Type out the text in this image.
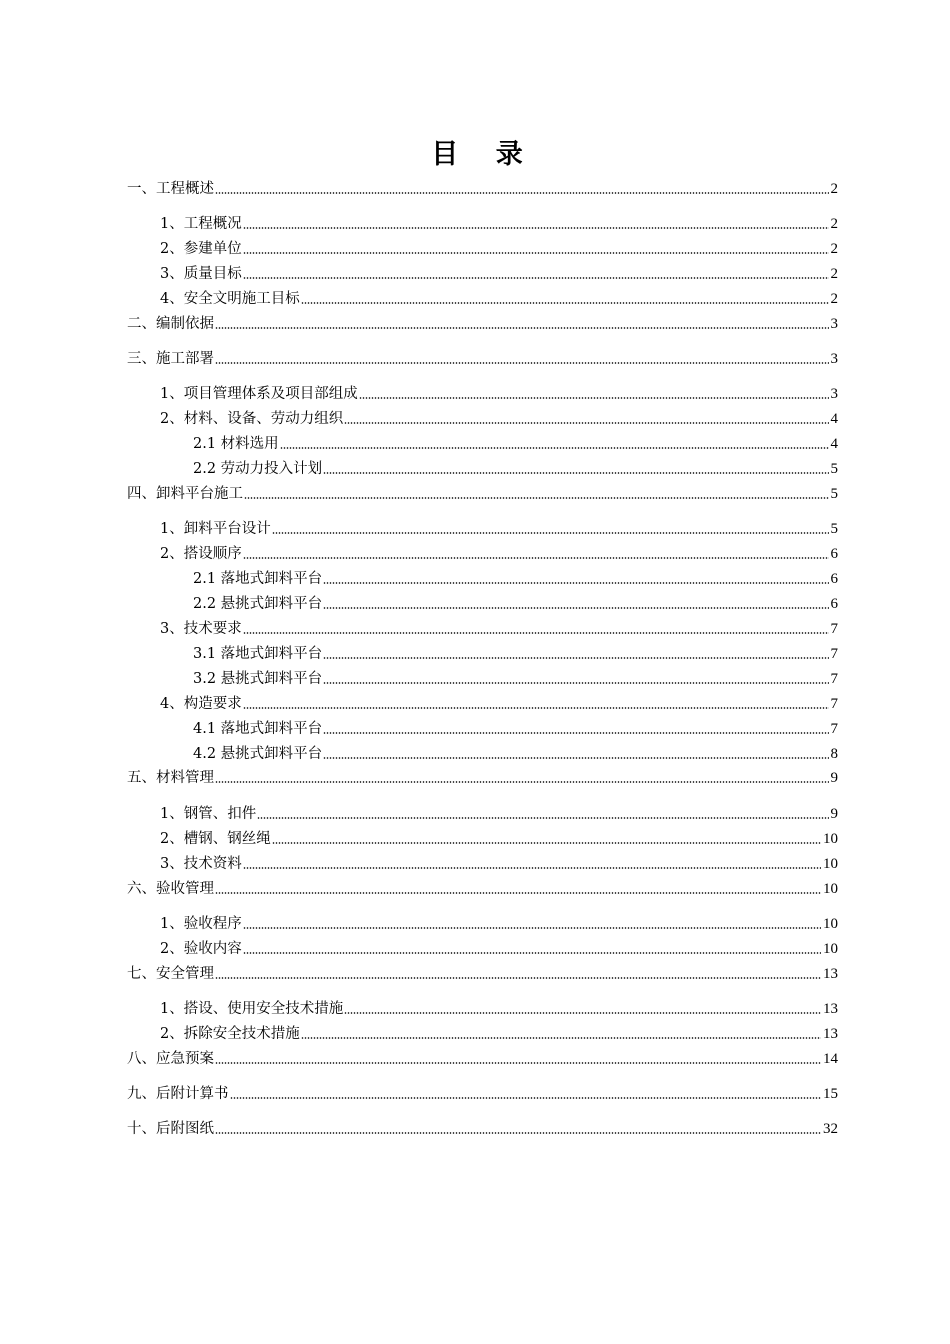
目 录
一、工程概述	2
1、工程概况	2
2、参建单位	2
3、质量目标	2
4、安全文明施工目标	2
二、编制依据	3
三、施工部署	3
1、项目管理体系及项目部组成	3
2、材料、设备、劳动力组织	4
2.1 材料选用	4
2.2 劳动力投入计划	5
四、卸料平台施工	5
1、卸料平台设计	5
2、搭设顺序	6
2.1 落地式卸料平台	6
2.2 悬挑式卸料平台	6
3、技术要求	7
3.1 落地式卸料平台	7
3.2 悬挑式卸料平台	7
4、构造要求	7
4.1 落地式卸料平台	7
4.2 悬挑式卸料平台	8
五、材料管理	9
1、钢管、扣件	9
2、槽钢、钢丝绳	10
3、技术资料	10
六、验收管理	10
1、验收程序	10
2、验收内容	10
七、安全管理	13
1、搭设、使用安全技术措施	13
2、拆除安全技术措施	13
八、应急预案	14
九、后附计算书	15
十、后附图纸	32
